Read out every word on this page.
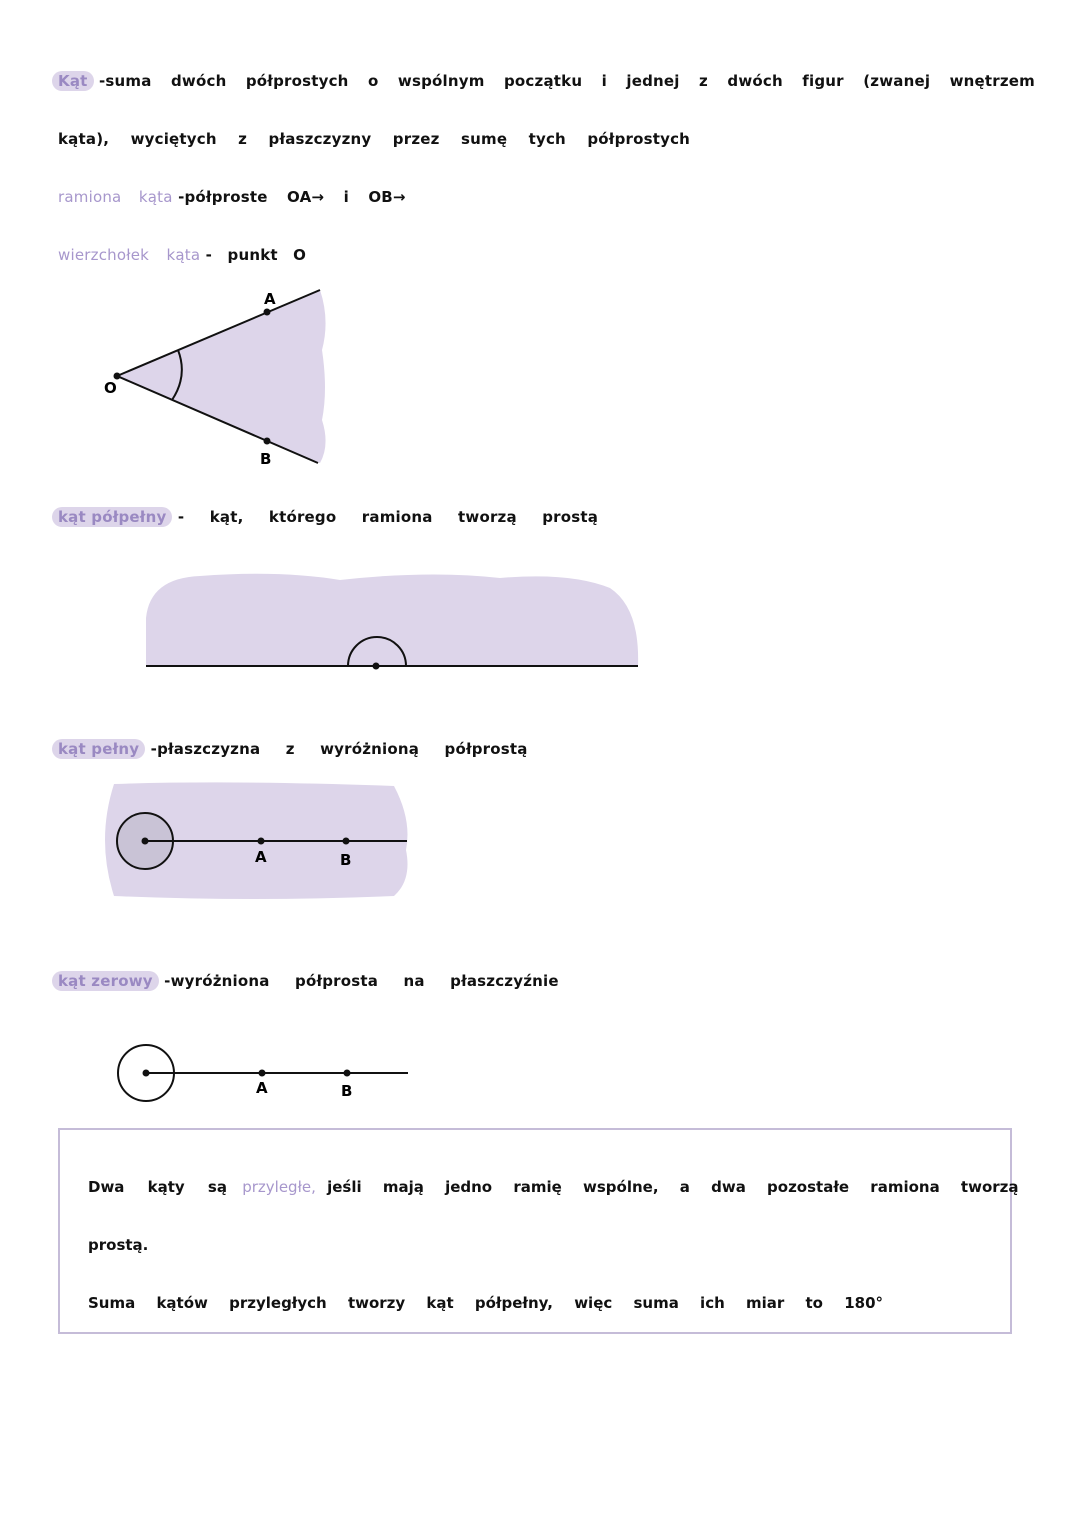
Kąt -suma dwóch półprostych o wspólnym początku i jednej z dwóch figur (zwanej wnętrzem
kąta), wyciętych z płaszczyzny przez sumę tych półprostych
ramiona kąta -półproste OA→ i OB→
wierzchołek kąta - punkt O
A
B
O
kąt półpełny - kąt, którego ramiona tworzą prostą
kąt pełny -płaszczyzna z wyróżnioną półprostą
A	B
kąt zerowy -wyróżniona półprosta na płaszczyźnie
A	B
Dwa kąty są przyległe, jeśli mają jedno ramię wspólne, a dwa pozostałe ramiona tworzą
prostą.
Suma kątów przyległych tworzy kąt półpełny, więc suma ich miar to 180°
